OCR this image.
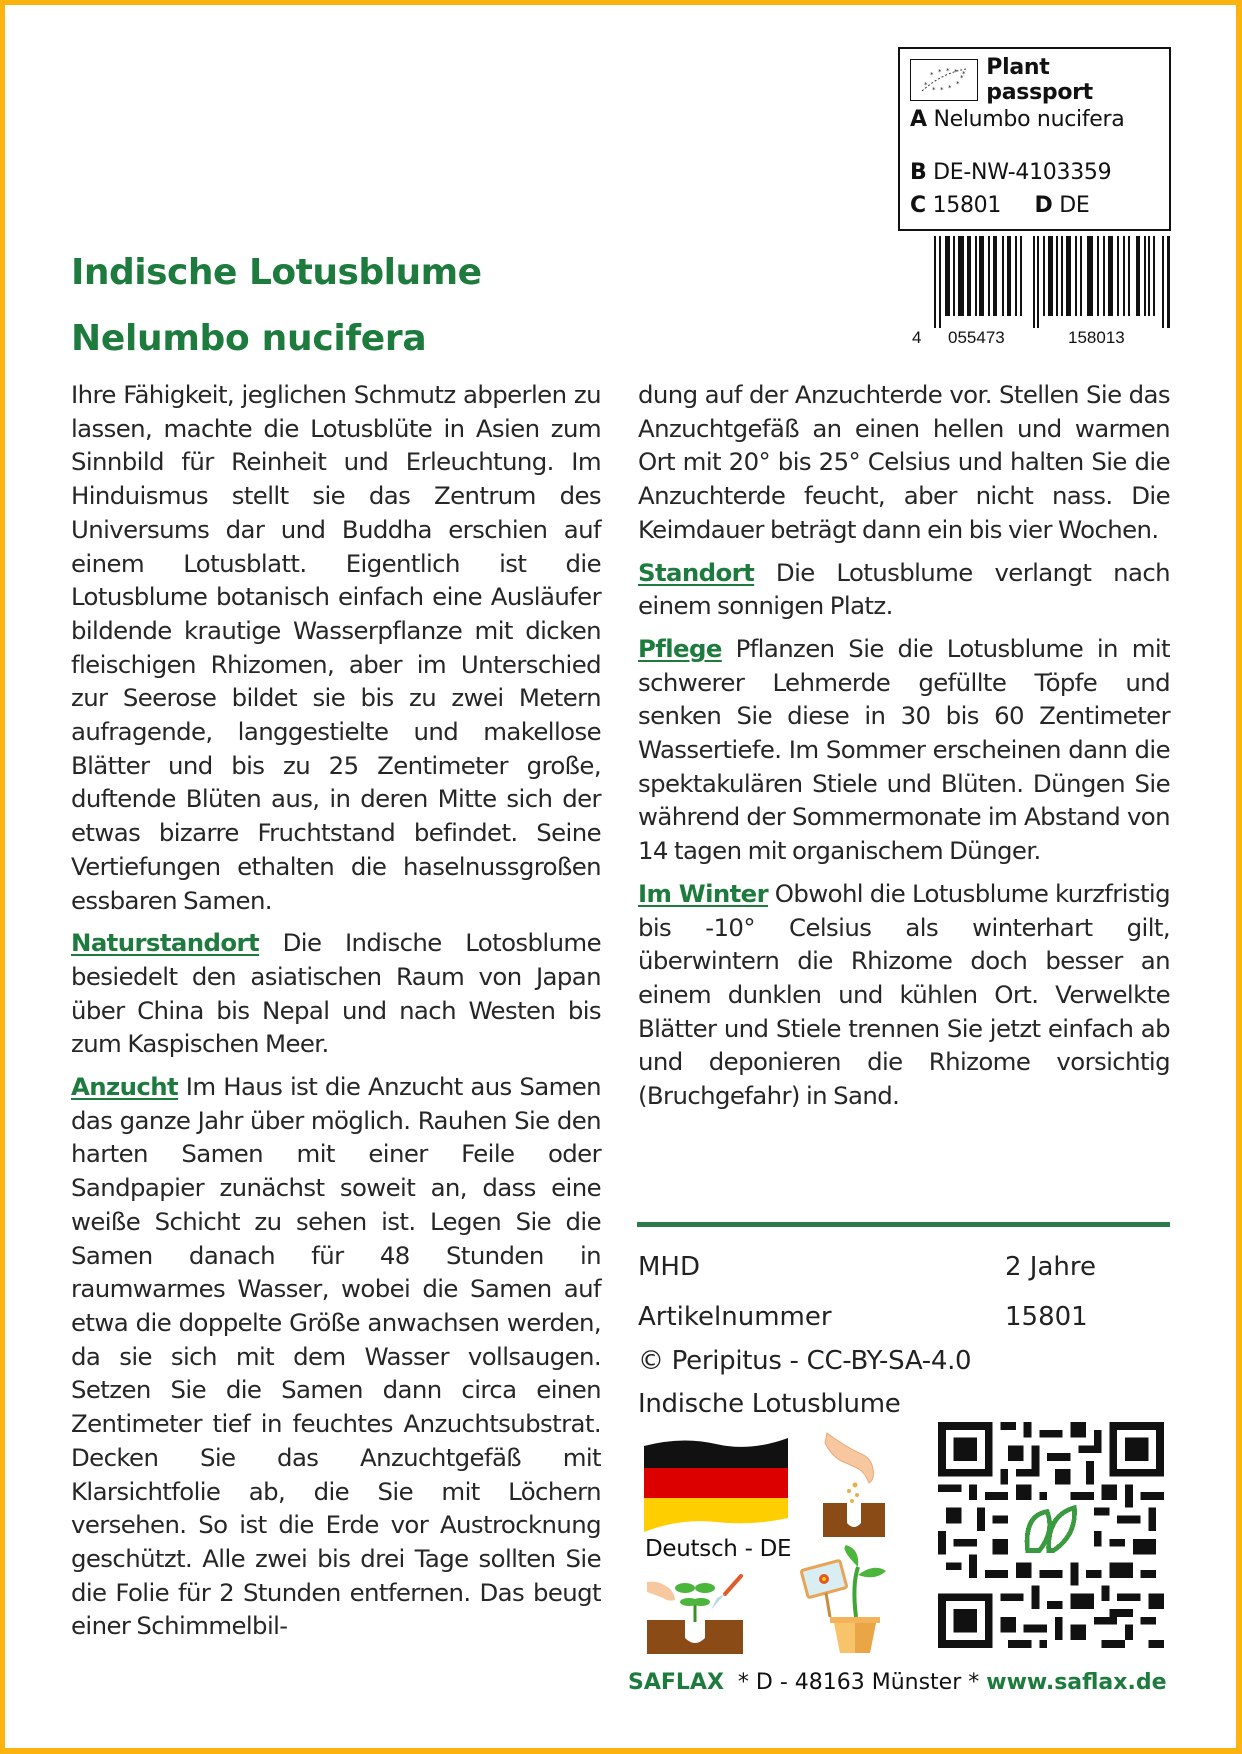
* * * * *
*
* * * *
* Plant passport
A Nelumbo nucifera
B DE-NW-4103359
C 15801 D DE
4 055473	158013
Indische Lotusblume
Nelumbo nucifera

Ihre Fähigkeit, jeglichen Schmutz abperlen zu lassen, machte die Lotusblüte in Asien zum Sinnbild für Reinheit und Erleuchtung. Im Hinduismus stellt sie das Zentrum des Universums dar und Buddha erschien auf einem Lotusblatt. Eigentlich ist die Lotusblume botanisch einfach eine Ausläufer bildende krautige Wasserpflanze mit dicken fleischigen Rhizomen, aber im Unterschied zur Seerose bildet sie bis zu zwei Metern aufragende, langgestielte und makellose Blätter und bis zu 25 Zentimeter große, duftende Blüten aus, in deren Mitte sich der etwas bizarre Fruchtstand befindet. Seine Vertiefungen ethalten die haselnussgroßen essbaren Samen.

Naturstandort Die Indische Lotosblume besiedelt den asiatischen Raum von Japan über China bis Nepal und nach Westen bis zum Kaspischen Meer.

Anzucht Im Haus ist die Anzucht aus Samen das ganze Jahr über möglich. Rauhen Sie den harten Samen mit einer Feile oder Sandpapier zunächst soweit an, dass eine weiße Schicht zu sehen ist. Legen Sie die Samen danach für 48 Stunden in raumwarmes Wasser, wobei die Samen auf etwa die doppelte Größe anwachsen werden, da sie sich mit dem Wasser vollsaugen. Setzen Sie die Samen dann circa einen Zentimeter tief in feuchtes Anzuchtsubstrat. Decken Sie das Anzuchtgefäß mit Klarsichtfolie ab, die Sie mit Löchern versehen. So ist die Erde vor Austrocknung geschützt. Alle zwei bis drei Tage sollten Sie die Folie für 2 Stunden entfernen. Das beugt einer Schimmelbil-

dung auf der Anzuchterde vor. Stellen Sie das Anzuchtgefäß an einen hellen und warmen Ort mit 20° bis 25° Celsius und halten Sie die Anzuchterde feucht, aber nicht nass. Die Keimdauer beträgt dann ein bis vier Wochen.

Standort Die Lotusblume verlangt nach einem sonnigen Platz.

Pflege Pflanzen Sie die Lotusblume in mit schwerer Lehmerde gefüllte Töpfe und senken Sie diese in 30 bis 60 Zentimeter Wassertiefe. Im Sommer erscheinen dann die spektakulären Stiele und Blüten. Düngen Sie während der Sommermonate im Abstand von 14 tagen mit organischem Dünger.

Im Winter Obwohl die Lotusblume kurzfristig bis -10° Celsius als winterhart gilt, überwintern die Rhizome doch besser an einem dunklen und kühlen Ort. Verwelkte Blätter und Stiele trennen Sie jetzt einfach ab und deponieren die Rhizome vorsichtig (Bruchgefahr) in Sand.

MHD	2 Jahre
Artikelnummer	15801
© Peripitus - CC-BY-SA-4.0
Indische Lotusblume
Deutsch - DE
SAFLAX  * D - 48163 Münster * www.saflax.de
